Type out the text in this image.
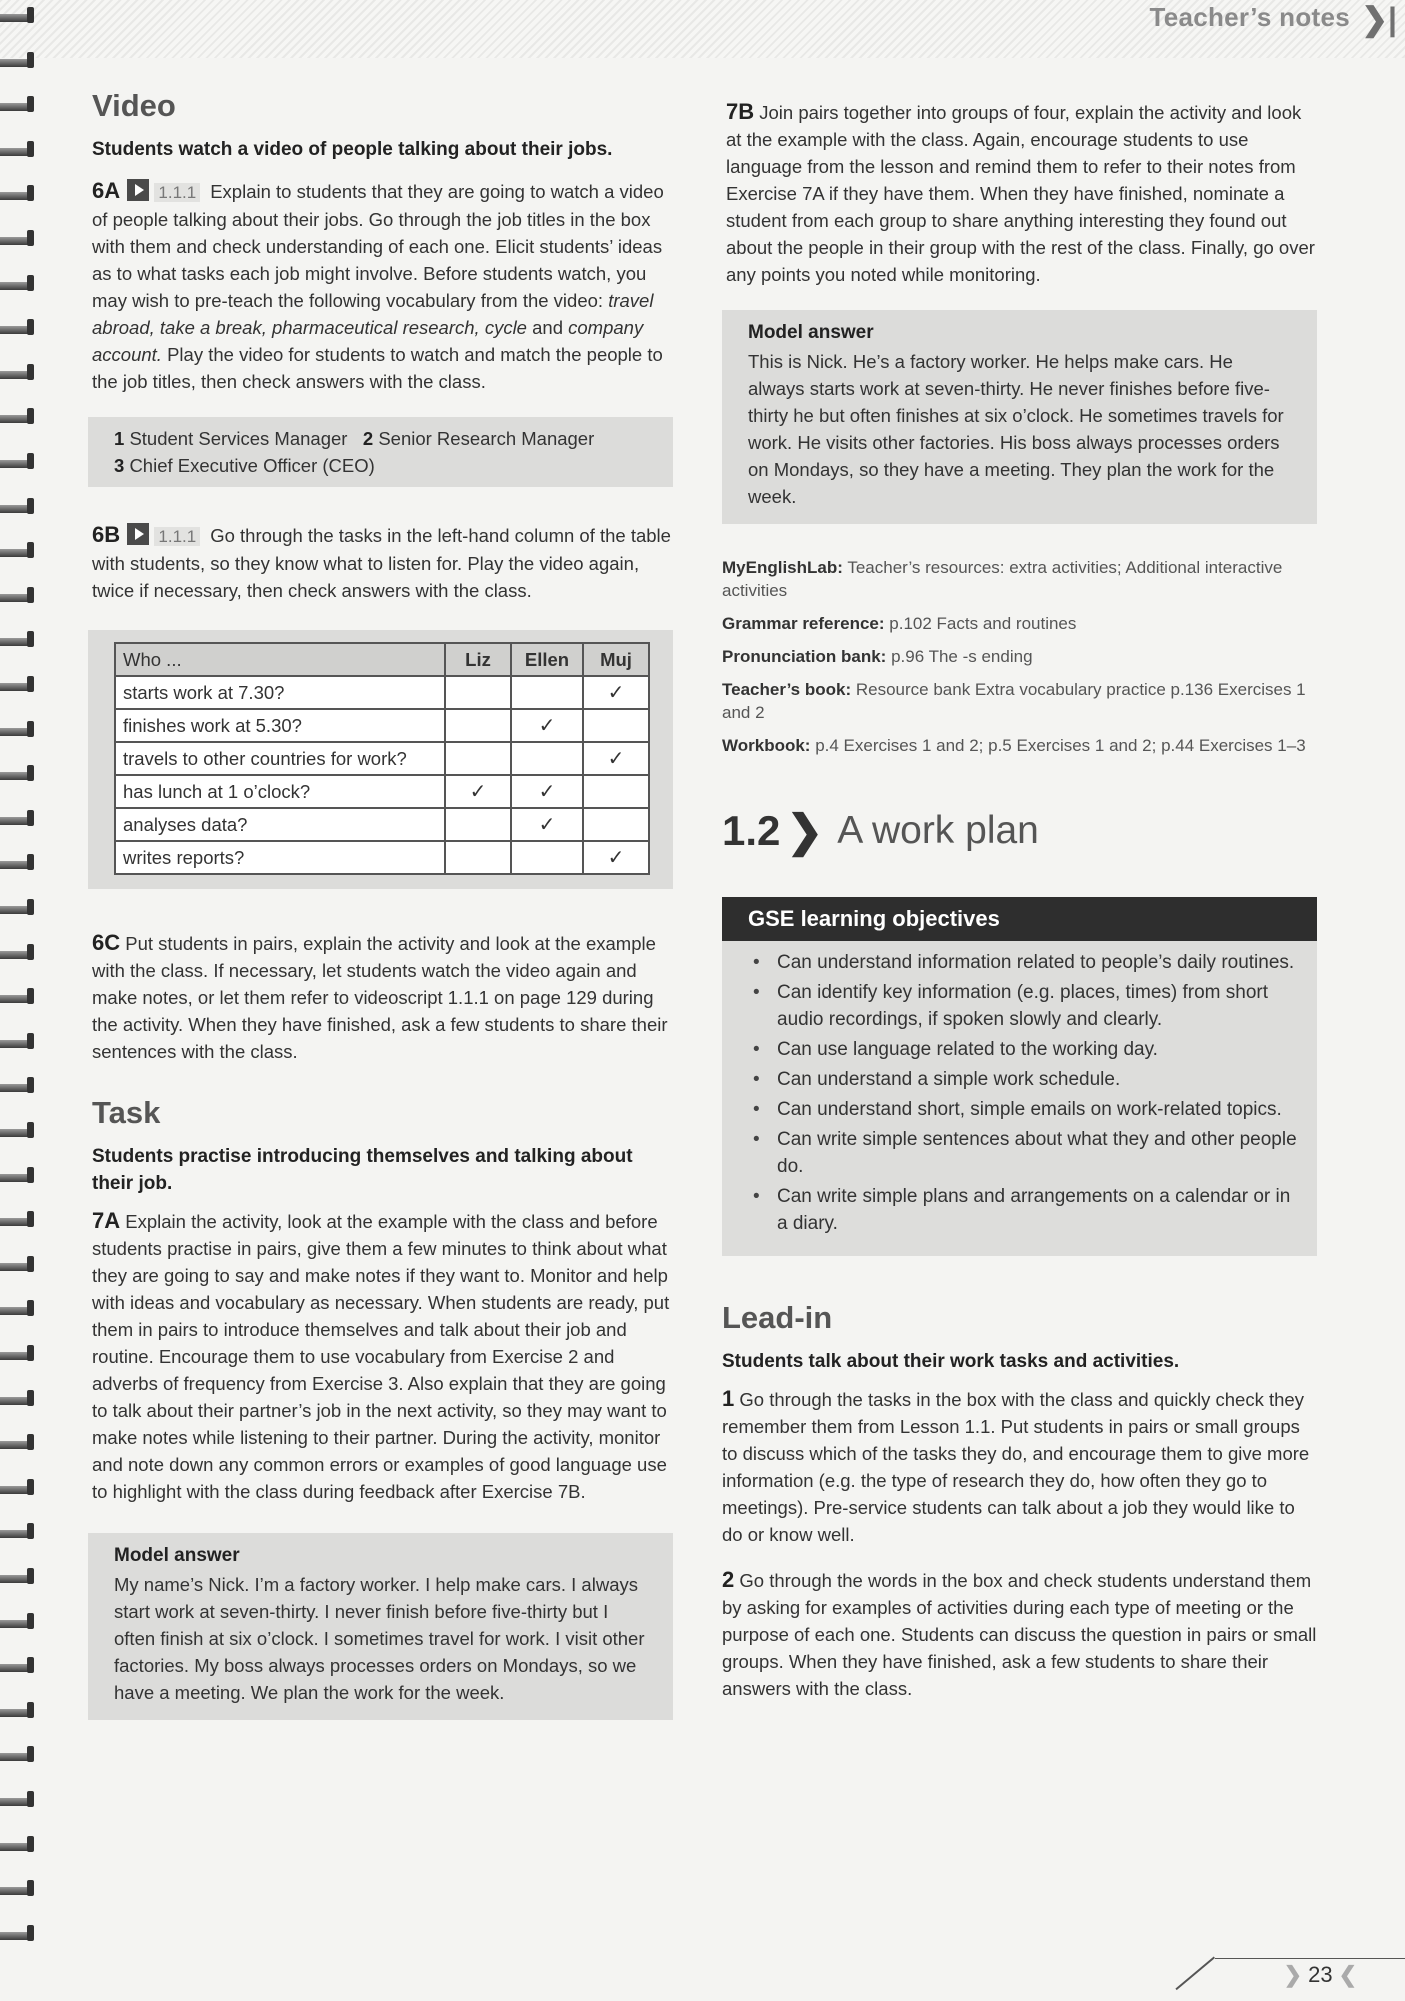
Teacher’s notes ❯|
Video
Students watch a video of people talking about their jobs.

6A 1.1.1 Explain to students that they are going to watch a video of people talking about their jobs. Go through the job titles in the box with them and check understanding of each one. Elicit students’ ideas as to what tasks each job might involve. Before students watch, you may wish to pre-teach the following vocabulary from the video: travel abroad, take a break, pharmaceutical research, cycle and company account. Play the video for students to watch and match the people to the job titles, then check answers with the class.

1 Student Services Manager 2 Senior Research Manager
3 Chief Executive Officer (CEO)

6B 1.1.1 Go through the tasks in the left-hand column of the table with students, so they know what to listen for. Play the video again, twice if necessary, then check answers with the class.

Who ...	Liz	Ellen	Muj
starts work at 7.30?			✓
finishes work at 5.30?		✓	
travels to other countries for work?			✓
has lunch at 1 o’clock?	✓	✓	
analyses data?		✓	
writes reports?			✓

6C Put students in pairs, explain the activity and look at the example with the class. If necessary, let students watch the video again and make notes, or let them refer to videoscript 1.1.1 on page 129 during the activity. When they have finished, ask a few students to share their sentences with the class.

Task
Students practise introducing themselves and talking about their job.

7A Explain the activity, look at the example with the class and before students practise in pairs, give them a few minutes to think about what they are going to say and make notes if they want to. Monitor and help with ideas and vocabulary as necessary. When students are ready, put them in pairs to introduce themselves and talk about their job and routine. Encourage them to use vocabulary from Exercise 2 and adverbs of frequency from Exercise 3. Also explain that they are going to talk about their partner’s job in the next activity, so they may want to make notes while listening to their partner. During the activity, monitor and note down any common errors or examples of good language use to highlight with the class during feedback after Exercise 7B.

Model answer
My name’s Nick. I’m a factory worker. I help make cars. I always start work at seven-thirty. I never finish before five-thirty but I often finish at six o’clock. I sometimes travel for work. I visit other factories. My boss always processes orders on Mondays, so we have a meeting. We plan the work for the week.

7B Join pairs together into groups of four, explain the activity and look at the example with the class. Again, encourage students to use language from the lesson and remind them to refer to their notes from Exercise 7A if they have them. When they have finished, nominate a student from each group to share anything interesting they found out about the people in their group with the rest of the class. Finally, go over any points you noted while monitoring.

Model answer
This is Nick. He’s a factory worker. He helps make cars. He always starts work at seven-thirty. He never finishes before five-thirty he but often finishes at six o’clock. He sometimes travels for work. He visits other factories. His boss always processes orders on Mondays, so they have a meeting. They plan the work for the week.

MyEnglishLab: Teacher’s resources: extra activities; Additional interactive activities

Grammar reference: p.102 Facts and routines

Pronunciation bank: p.96 The -s ending

Teacher’s book: Resource bank Extra vocabulary practice p.136 Exercises 1 and 2

Workbook: p.4 Exercises 1 and 2; p.5 Exercises 1 and 2; p.44 Exercises 1–3

1.2 ❯ A work plan
GSE learning objectives
• Can understand information related to people’s daily routines.
• Can identify key information (e.g. places, times) from short audio recordings, if spoken slowly and clearly.
• Can use language related to the working day.
• Can understand a simple work schedule.
• Can understand short, simple emails on work-related topics.
• Can write simple sentences about what they and other people do.
• Can write simple plans and arrangements on a calendar or in a diary.
Lead-in
Students talk about their work tasks and activities.

1 Go through the tasks in the box with the class and quickly check they remember them from Lesson 1.1. Put students in pairs or small groups to discuss which of the tasks they do, and encourage them to give more information (e.g. the type of research they do, how often they go to meetings). Pre-service students can talk about a job they would like to do or know well.

2 Go through the words in the box and check students understand them by asking for examples of activities during each type of meeting or the purpose of each one. Students can discuss the question in pairs or small groups. When they have finished, ask a few students to share their answers with the class.

❯ 23 ❮
